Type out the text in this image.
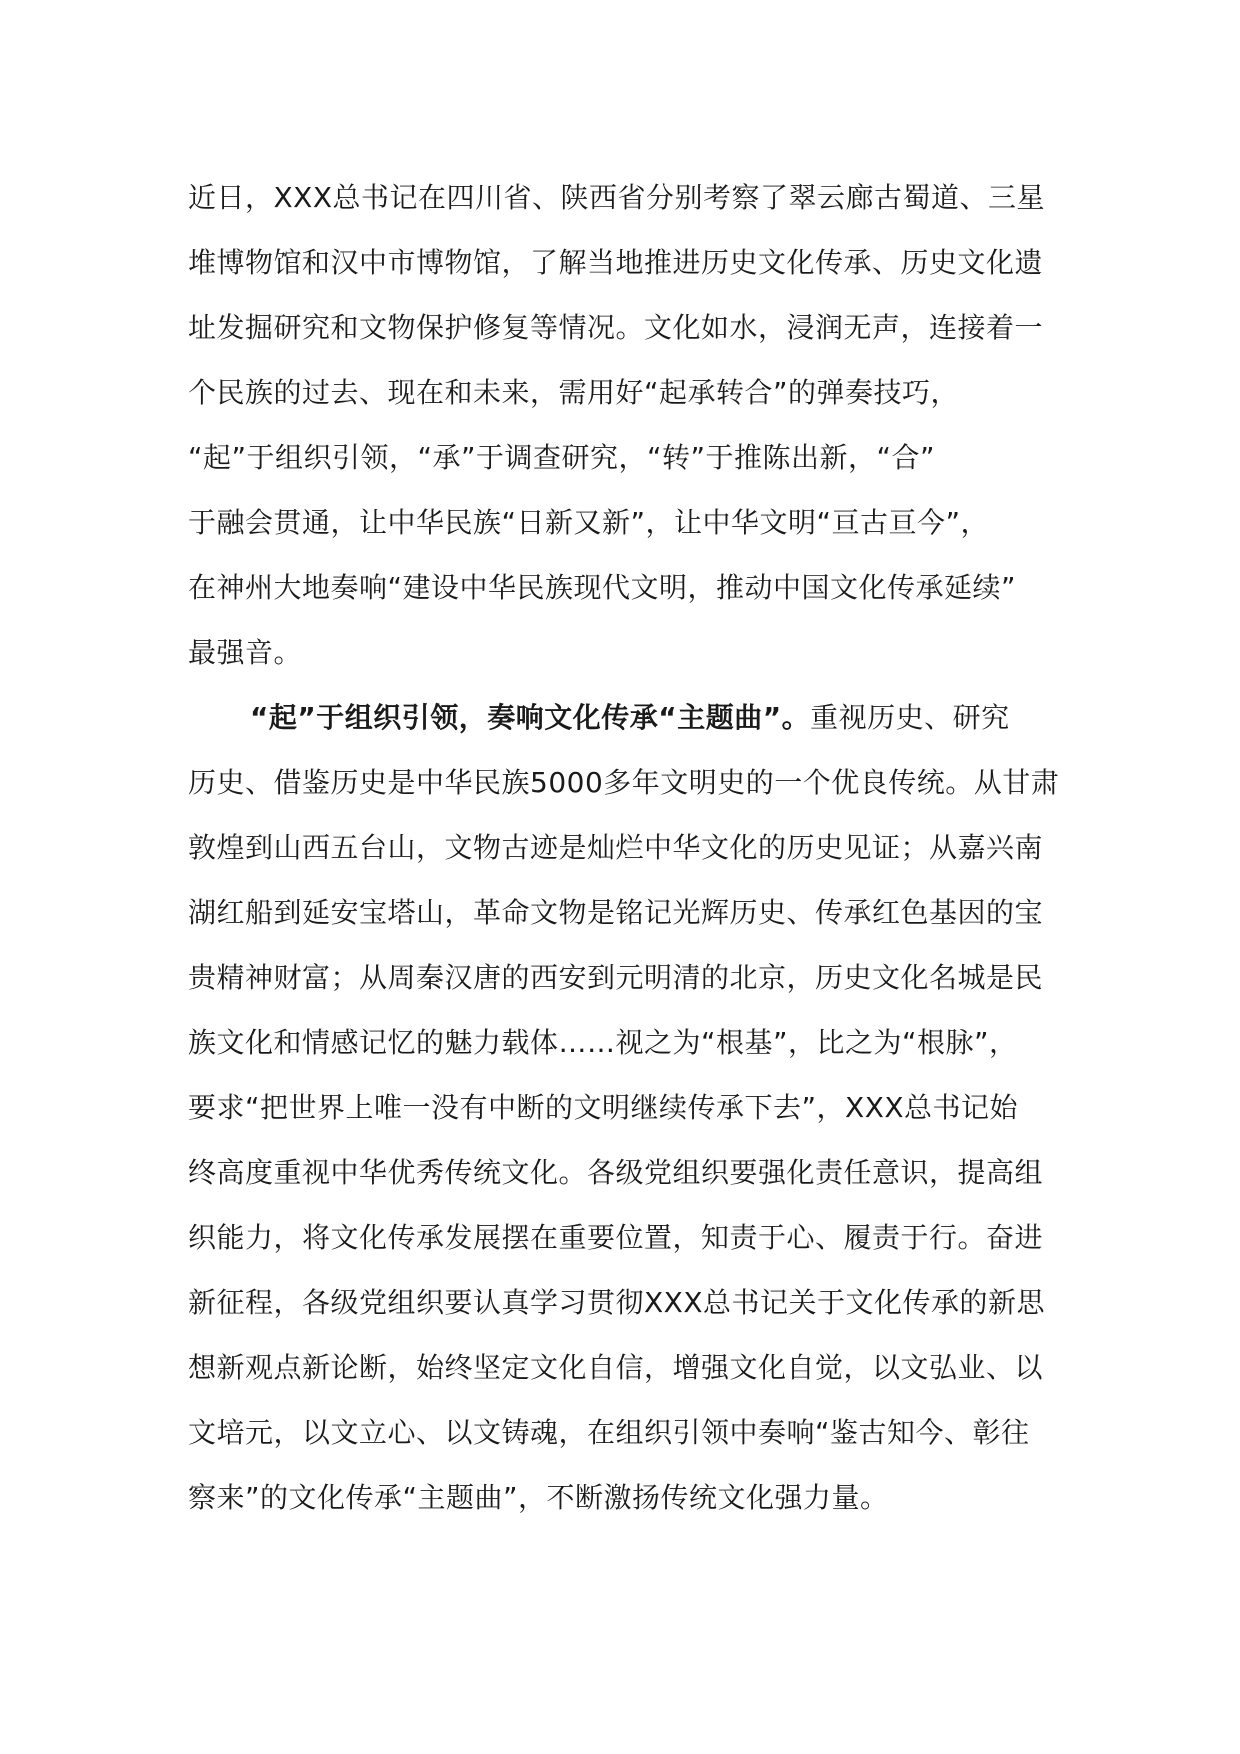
近日，XXX总书记在四川省、陕西省分别考察了翠云廊古蜀道、三星
堆博物馆和汉中市博物馆，了解当地推进历史文化传承、历史文化遗
址发掘研究和文物保护修复等情况。文化如水，浸润无声，连接着一
个民族的过去、现在和未来，需用好“起承转合”的弹奏技巧，
“起”于组织引领，“承”于调查研究，“转”于推陈出新，“合”
于融会贯通，让中华民族“日新又新”，让中华文明“亘古亘今”，
在神州大地奏响“建设中华民族现代文明，推动中国文化传承延续”
最强音。
“起”于组织引领，奏响文化传承“主题曲”。重视历史、研究
历史、借鉴历史是中华民族5000多年文明史的一个优良传统。从甘肃
敦煌到山西五台山，文物古迹是灿烂中华文化的历史见证；从嘉兴南
湖红船到延安宝塔山，革命文物是铭记光辉历史、传承红色基因的宝
贵精神财富；从周秦汉唐的西安到元明清的北京，历史文化名城是民
族文化和情感记忆的魅力载体……视之为“根基”，比之为“根脉”，
要求“把世界上唯一没有中断的文明继续传承下去”，XXX总书记始
终高度重视中华优秀传统文化。各级党组织要强化责任意识，提高组
织能力，将文化传承发展摆在重要位置，知责于心、履责于行。奋进
新征程，各级党组织要认真学习贯彻XXX总书记关于文化传承的新思
想新观点新论断，始终坚定文化自信，增强文化自觉，以文弘业、以
文培元，以文立心、以文铸魂，在组织引领中奏响“鉴古知今、彰往
察来”的文化传承“主题曲”，不断激扬传统文化强力量。
